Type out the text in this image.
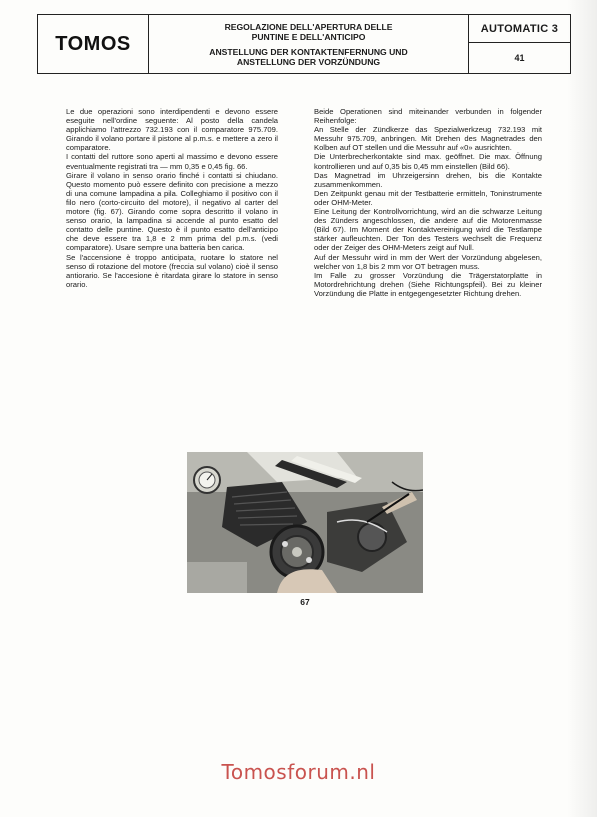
TOMOS
REGOLAZIONE DELL'APERTURA DELLE
PUNTINE E DELL'ANTICIPO
ANSTELLUNG DER KONTAKTENFERNUNG UND
ANSTELLUNG DER VORZÜNDUNG
AUTOMATIC 3
41

Le due operazioni sono interdipendenti e devono essere eseguite nell'ordine seguente: Al posto della candela applichiamo l'attrezzo 732.193 con il comparatore 975.709. Girando il volano portare il pistone al p.m.s. e mettere a zero il comparatore.

I contatti del ruttore sono aperti al massimo e devono essere eventualmente registrati tra — mm 0,35 e 0,45 fig. 66.

Girare il volano in senso orario finché i contatti si chiudano. Questo momento può essere definito con precisione a mezzo di una comune lampadina a pila. Colleghiamo il positivo con il filo nero (corto-circuito del motore), il negativo al carter del motore (fig. 67). Girando come sopra descritto il volano in senso orario, la lampadina si accende al punto esatto del contatto delle puntine. Questo è il punto esatto dell'anticipo che deve essere tra 1,8 e 2 mm prima del p.m.s. (vedi comparatore). Usare sempre una batteria ben carica.

Se l'accensione è troppo anticipata, ruotare lo statore nel senso di rotazione del motore (freccia sul volano) cioè il senso antiorario. Se l'accesione è ritardata girare lo statore in senso orario.

Beide Operationen sind miteinander verbunden in folgender Reihenfolge:

An Stelle der Zündkerze das Spezialwerkzeug 732.193 mit Messuhr 975.709, anbringen. Mit Drehen des Magnetrades den Kolben auf OT stellen und die Messuhr auf «0» ausrichten.

Die Unterbrecherkontakte sind max. geöffnet. Die max. Öffnung kontrollieren und auf 0,35 bis 0,45 mm einstellen (Bild 66).

Das Magnetrad im Uhrzeigersinn drehen, bis die Kontakte zusammenkommen.

Den Zeitpunkt genau mit der Testbatterie ermitteln, Toninstrumente oder OHM-Meter.

Eine Leitung der Kontrollvorrichtung, wird an die schwarze Leitung des Zünders angeschlossen, die andere auf die Motorenmasse (Bild 67). Im Moment der Kontaktvereinigung wird die Testlampe stärker aufleuchten. Der Ton des Testers wechselt die Frequenz oder der Zeiger des OHM-Meters zeigt auf Null.

Auf der Messuhr wird in mm der Wert der Vorzündung abgelesen, welcher von 1,8 bis 2 mm vor OT betragen muss.

Im Falle zu grosser Vorzündung die Trägerstatorplatte in Motordrehrichtung drehen (Siehe Richtungspfeil). Bei zu kleiner Vorzündung die Platte in entgegengesetzter Richtung drehen.

67
Tomosforum.nl
